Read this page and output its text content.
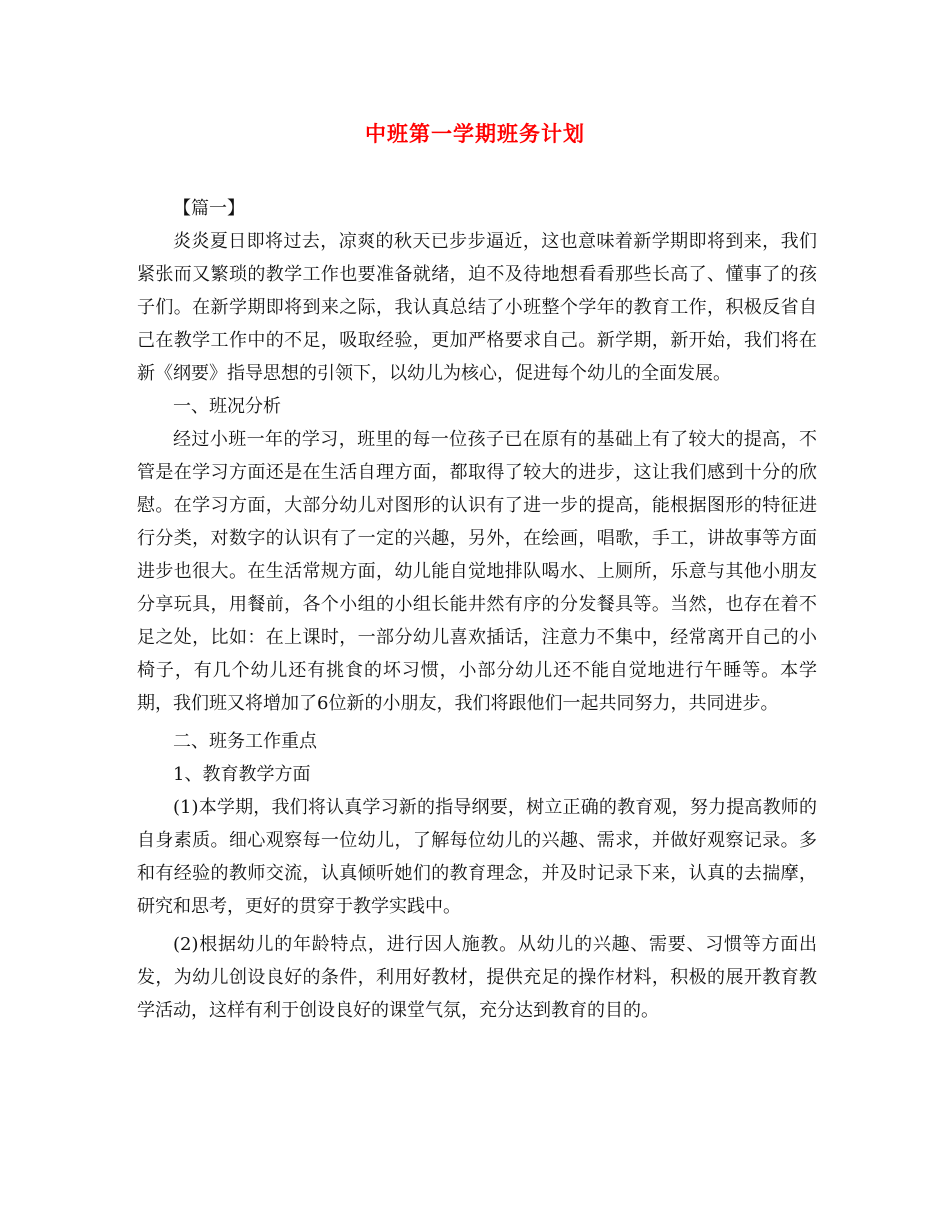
中班第一学期班务计划

【篇一】

炎炎夏日即将过去，凉爽的秋天已步步逼近，这也意味着新学期即将到来，我们紧张而又繁琐的教学工作也要准备就绪，迫不及待地想看看那些长高了、懂事了的孩子们。在新学期即将到来之际，我认真总结了小班整个学年的教育工作，积极反省自己在教学工作中的不足，吸取经验，更加严格要求自己。新学期，新开始，我们将在新《纲要》指导思想的引领下，以幼儿为核心，促进每个幼儿的全面发展。

一、班况分析

经过小班一年的学习，班里的每一位孩子已在原有的基础上有了较大的提高，不管是在学习方面还是在生活自理方面，都取得了较大的进步，这让我们感到十分的欣慰。在学习方面，大部分幼儿对图形的认识有了进一步的提高，能根据图形的特征进行分类，对数字的认识有了一定的兴趣，另外，在绘画，唱歌，手工，讲故事等方面进步也很大。在生活常规方面，幼儿能自觉地排队喝水、上厕所，乐意与其他小朋友分享玩具，用餐前，各个小组的小组长能井然有序的分发餐具等。当然，也存在着不足之处，比如：在上课时，一部分幼儿喜欢插话，注意力不集中，经常离开自己的小椅子，有几个幼儿还有挑食的坏习惯，小部分幼儿还不能自觉地进行午睡等。本学期，我们班又将增加了6位新的小朋友，我们将跟他们一起共同努力，共同进步。

二、班务工作重点

1、教育教学方面

(1)本学期，我们将认真学习新的指导纲要，树立正确的教育观，努力提高教师的自身素质。细心观察每一位幼儿，了解每位幼儿的兴趣、需求，并做好观察记录。多和有经验的教师交流，认真倾听她们的教育理念，并及时记录下来，认真的去揣摩，研究和思考，更好的贯穿于教学实践中。

(2)根据幼儿的年龄特点，进行因人施教。从幼儿的兴趣、需要、习惯等方面出发，为幼儿创设良好的条件，利用好教材，提供充足的操作材料，积极的展开教育教学活动，这样有利于创设良好的课堂气氛，充分达到教育的目的。
